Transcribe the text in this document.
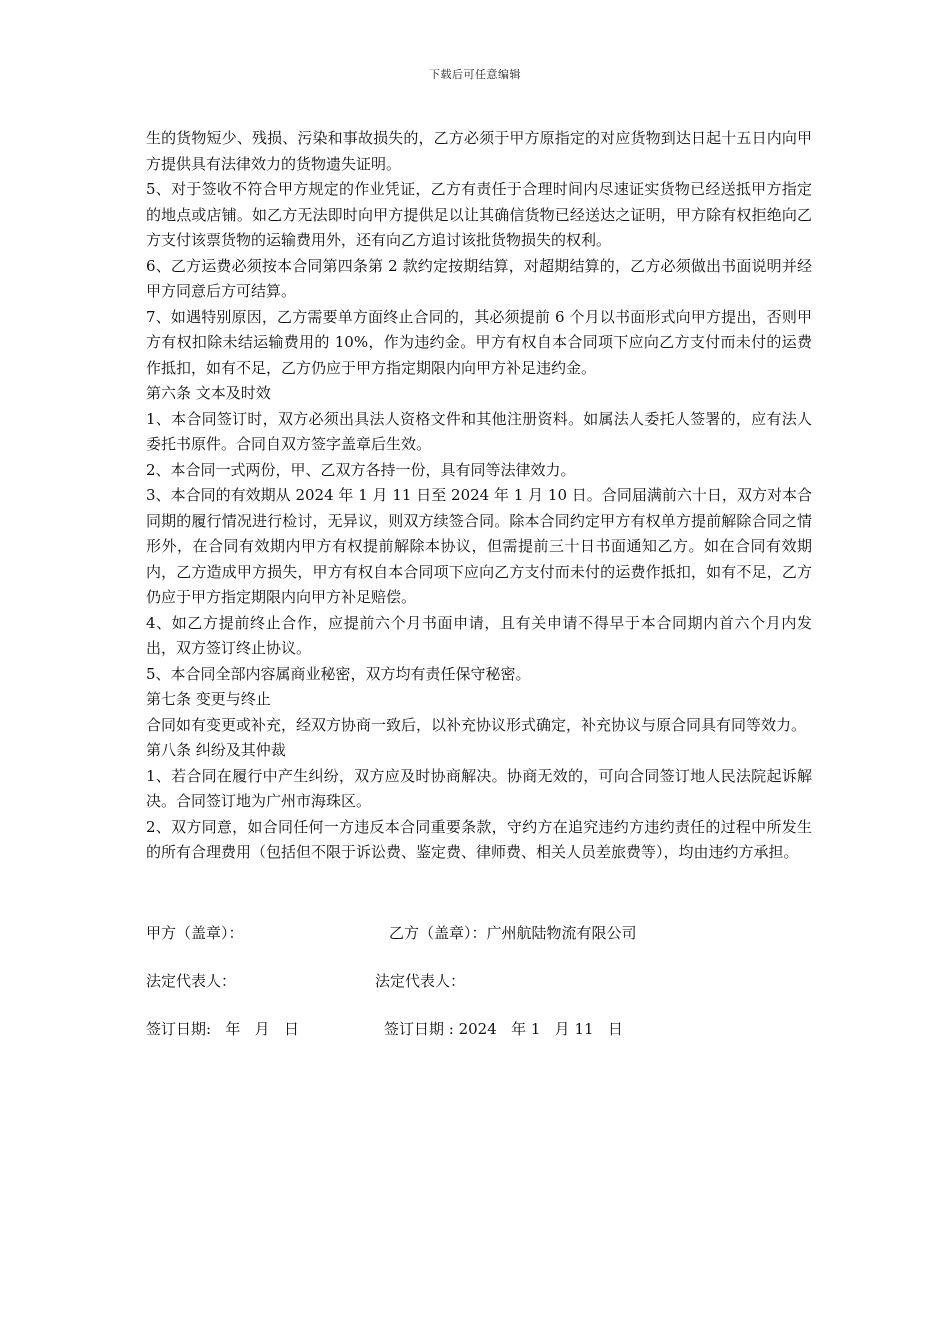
下载后可任意编辑

生的货物短少、残损、污染和事故损失的，乙方必须于甲方原指定的对应货物到达日起十五日内向甲方提供具有法律效力的货物遗失证明。

5、对于签收不符合甲方规定的作业凭证，乙方有责任于合理时间内尽速证实货物已经送抵甲方指定的地点或店铺。如乙方无法即时向甲方提供足以让其确信货物已经送达之证明，甲方除有权拒绝向乙方支付该票货物的运输费用外，还有向乙方追讨该批货物损失的权利。

6、乙方运费必须按本合同第四条第 2 款约定按期结算，对超期结算的，乙方必须做出书面说明并经甲方同意后方可结算。

7、如遇特别原因，乙方需要单方面终止合同的，其必须提前 6 个月以书面形式向甲方提出，否则甲方有权扣除未结运输费用的 10%，作为违约金。甲方有权自本合同项下应向乙方支付而未付的运费作抵扣，如有不足，乙方仍应于甲方指定期限内向甲方补足违约金。

第六条 文本及时效

1、本合同签订时，双方必须出具法人资格文件和其他注册资料。如属法人委托人签署的，应有法人委托书原件。合同自双方签字盖章后生效。

2、本合同一式两份，甲、乙双方各持一份，具有同等法律效力。

3、本合同的有效期从 2024 年 1 月 11 日至 2024 年 1 月 10 日。合同届满前六十日，双方对本合同期的履行情况进行检讨，无异议，则双方续签合同。除本合同约定甲方有权单方提前解除合同之情形外，在合同有效期内甲方有权提前解除本协议，但需提前三十日书面通知乙方。如在合同有效期内，乙方造成甲方损失，甲方有权自本合同项下应向乙方支付而未付的运费作抵扣，如有不足，乙方仍应于甲方指定期限内向甲方补足赔偿。

4、如乙方提前终止合作，应提前六个月书面申请，且有关申请不得早于本合同期内首六个月内发出，双方签订终止协议。

5、本合同全部内容属商业秘密，双方均有责任保守秘密。

第七条 变更与终止

合同如有变更或补充，经双方协商一致后，以补充协议形式确定，补充协议与原合同具有同等效力。

第八条 纠纷及其仲裁

1、若合同在履行中产生纠纷，双方应及时协商解决。协商无效的，可向合同签订地人民法院起诉解决。合同签订地为广州市海珠区。

2、双方同意，如合同任何一方违反本合同重要条款，守约方在追究违约方违约责任的过程中所发生的所有合理费用（包括但不限于诉讼费、鉴定费、律师费、相关人员差旅费等），均由违约方承担。

甲方（盖章）：	乙方（盖章）：广州航陆物流有限公司
法定代表人：	法定代表人：
签订日期:   年   月   日	签订日期 : 2024   年 1   月 11   日
